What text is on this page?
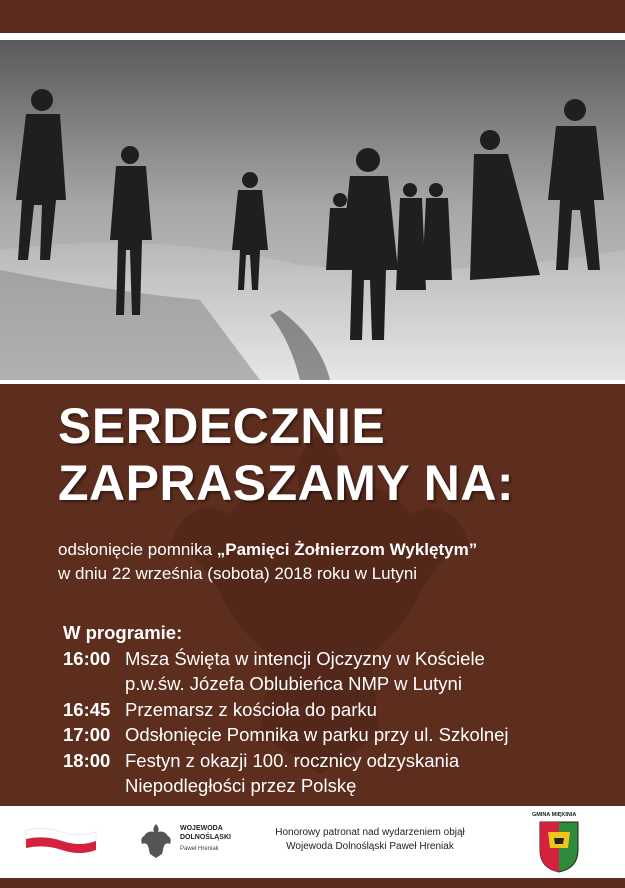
SERDECZNIE
ZAPRASZAMY NA:
odsłonięcie pomnika „Pamięci Żołnierzom Wyklętym”
w dniu 22 września (sobota) 2018 roku w Lutyni
W programie:
16:00 Msza Święta w intencji Ojczyzny w Kościele
p.w.św. Józefa Oblubieńca NMP w Lutyni
16:45 Przemarsz z kościoła do parku
17:00 Odsłonięcie Pomnika w parku przy ul. Szkolnej
18:00 Festyn z okazji 100. rocznicy odzyskania
Niepodległości przez Polskę
WOJEWODA
DOLNOŚLĄSKI
Paweł Hreniak
Honorowy patronat nad wydarzeniem objął
Wojewoda Dolnośląski Paweł Hreniak
GMINA MIĘKINIA
